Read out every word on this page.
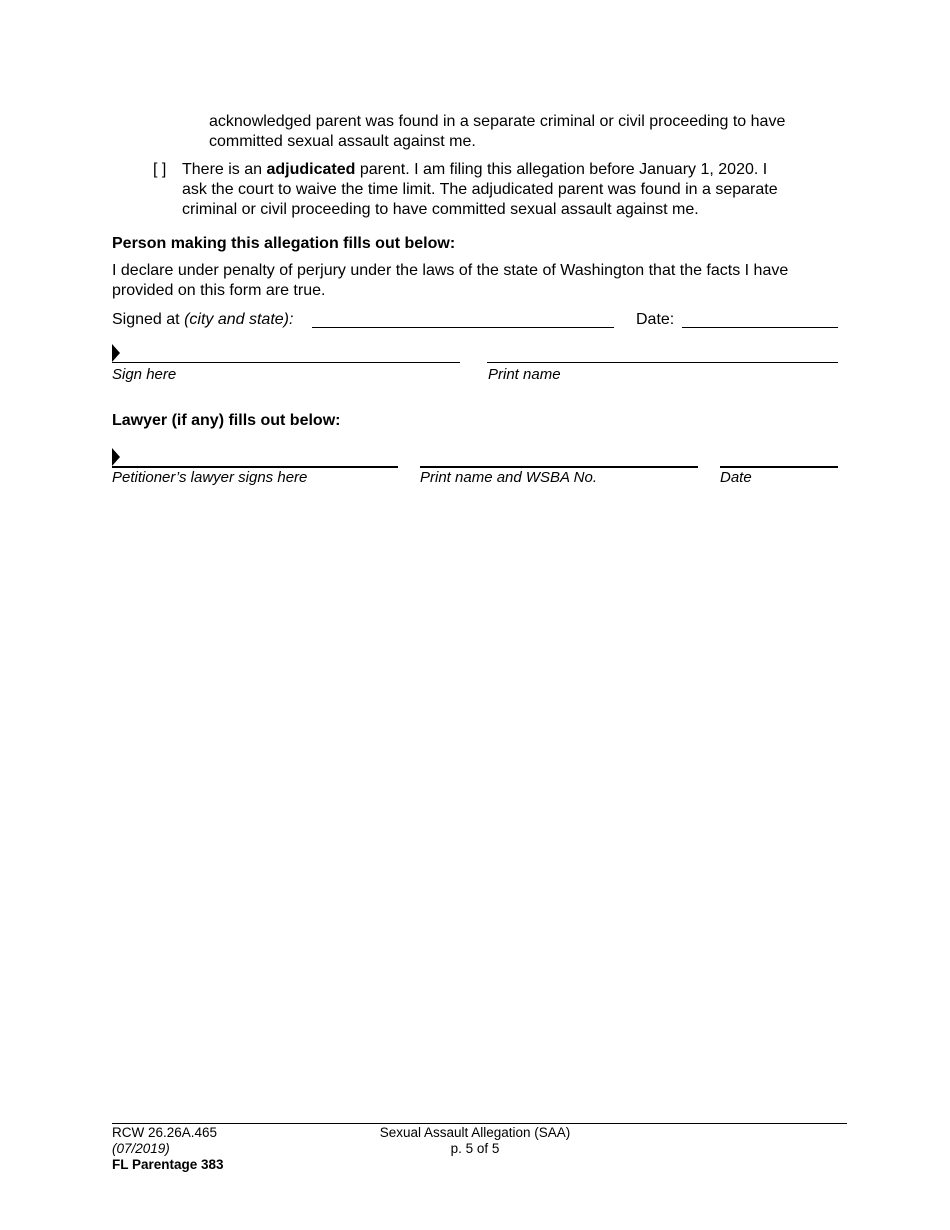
acknowledged parent was found in a separate criminal or civil proceeding to have
committed sexual assault against me.
[ ] There is an adjudicated parent. I am filing this allegation before January 1, 2020. I
ask the court to waive the time limit. The adjudicated parent was found in a separate
criminal or civil proceeding to have committed sexual assault against me.
Person making this allegation fills out below:
I declare under penalty of perjury under the laws of the state of Washington that the facts I have
provided on this form are true.
Signed at (city and state):	Date:
Sign here	Print name
Lawyer (if any) fills out below:
Petitioner’s lawyer signs here	Print name and WSBA No.	Date
RCW 26.26A.465
(07/2019)
FL Parentage 383
Sexual Assault Allegation (SAA)
p. 5 of 5
